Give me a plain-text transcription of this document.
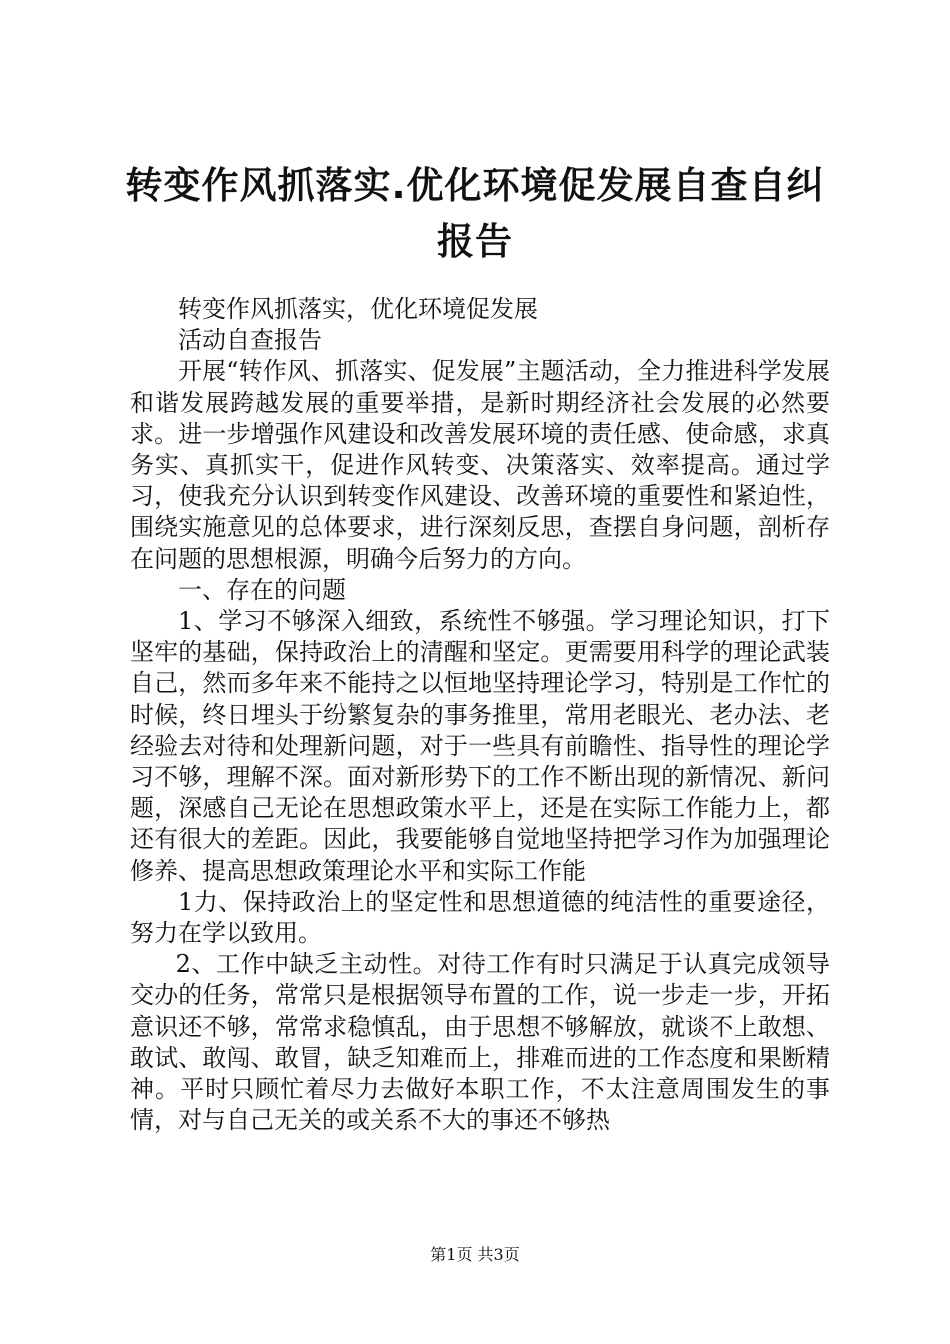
转变作风抓落实.优化环境促发展自查自纠报告

转变作风抓落实，优化环境促发展

活动自查报告

开展“转作风、抓落实、促发展”主题活动，全力推进科学发展和谐发展跨越发展的重要举措，是新时期经济社会发展的必然要求。进一步增强作风建设和改善发展环境的责任感、使命感，求真务实、真抓实干，促进作风转变、决策落实、效率提高。通过学习，使我充分认识到转变作风建设、改善环境的重要性和紧迫性，围绕实施意见的总体要求，进行深刻反思，查摆自身问题，剖析存在问题的思想根源，明确今后努力的方向。

一、存在的问题

1、学习不够深入细致，系统性不够强。学习理论知识，打下坚牢的基础，保持政治上的清醒和坚定。更需要用科学的理论武装自己，然而多年来不能持之以恒地坚持理论学习，特别是工作忙的时候，终日埋头于纷繁复杂的事务推里，常用老眼光、老办法、老经验去对待和处理新问题，对于一些具有前瞻性、指导性的理论学习不够，理解不深。面对新形势下的工作不断出现的新情况、新问题，深感自己无论在思想政策水平上，还是在实际工作能力上，都还有很大的差距。因此，我要能够自觉地坚持把学习作为加强理论修养、提高思想政策理论水平和实际工作能

1力、保持政治上的坚定性和思想道德的纯洁性的重要途径，努力在学以致用。

2、工作中缺乏主动性。对待工作有时只满足于认真完成领导交办的任务，常常只是根据领导布置的工作，说一步走一步，开拓意识还不够，常常求稳慎乱，由于思想不够解放，就谈不上敢想、敢试、敢闯、敢冒，缺乏知难而上，排难而进的工作态度和果断精神。平时只顾忙着尽力去做好本职工作，不太注意周围发生的事情，对与自己无关的或关系不大的事还不够热

第1页 共3页
